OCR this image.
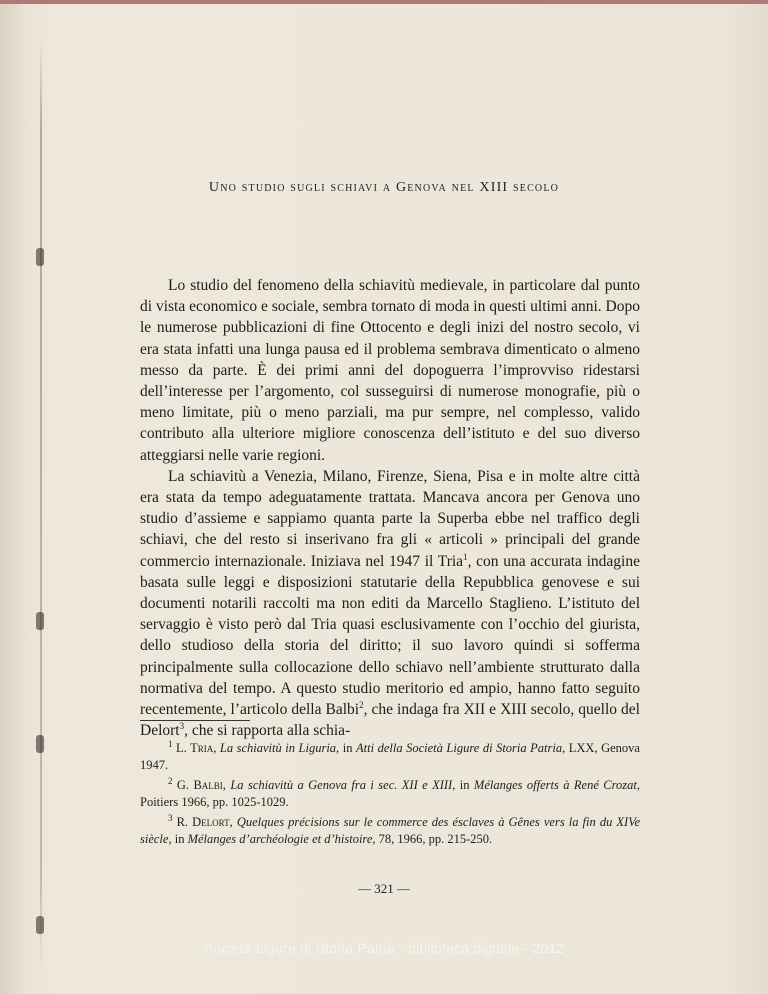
Uno studio sugli schiavi a Genova nel XIII secolo

Lo studio del fenomeno della schiavitù medievale, in particolare dal punto di vista economico e sociale, sembra tornato di moda in questi ultimi anni. Dopo le numerose pubblicazioni di fine Ottocento e degli inizi del nostro secolo, vi era stata infatti una lunga pausa ed il problema sembrava dimenticato o almeno messo da parte. È dei primi anni del dopoguerra l’improvviso ridestarsi dell’interesse per l’argomento, col susseguirsi di numerose monografie, più o meno limitate, più o meno parziali, ma pur sempre, nel complesso, valido contributo alla ulteriore migliore conoscenza dell’istituto e del suo diverso atteggiarsi nelle varie regioni.

La schiavitù a Venezia, Milano, Firenze, Siena, Pisa e in molte altre città era stata da tempo adeguatamente trattata. Mancava ancora per Genova uno studio d’assieme e sappiamo quanta parte la Superba ebbe nel traffico degli schiavi, che del resto si inserivano fra gli « articoli » principali del grande commercio internazionale. Iniziava nel 1947 il Tria$^1$, con una accurata indagine basata sulle leggi e disposizioni statutarie della Repubblica genovese e sui documenti notarili raccolti ma non editi da Marcello Staglieno. L’istituto del servaggio è visto però dal Tria quasi esclusivamente con l’occhio del giurista, dello studioso della storia del diritto; il suo lavoro quindi si sofferma principalmente sulla collocazione dello schiavo nell’ambiente strutturato dalla normativa del tempo. A questo studio meritorio ed ampio, hanno fatto seguito recentemente, l’articolo della Balbi$^2$, che indaga fra XII e XIII secolo, quello del Delort$^3$, che si rapporta alla schia-

$^1$ L. Tria, La schiavitù in Liguria, in Atti della Società Ligure di Storia Patria, LXX, Genova 1947.

$^2$ G. Balbi, La schiavitù a Genova fra i sec. XII e XIII, in Mélanges offerts à René Crozat, Poitiers 1966, pp. 1025-1029.

$^3$ R. Delort, Quelques précisions sur le commerce des ésclaves à Gênes vers la fin du XIVe siècle, in Mélanges d’archéologie et d’histoire, 78, 1966, pp. 215-250.

— 321 —
Società Ligure di Storia Patria - biblioteca digitale - 2012
